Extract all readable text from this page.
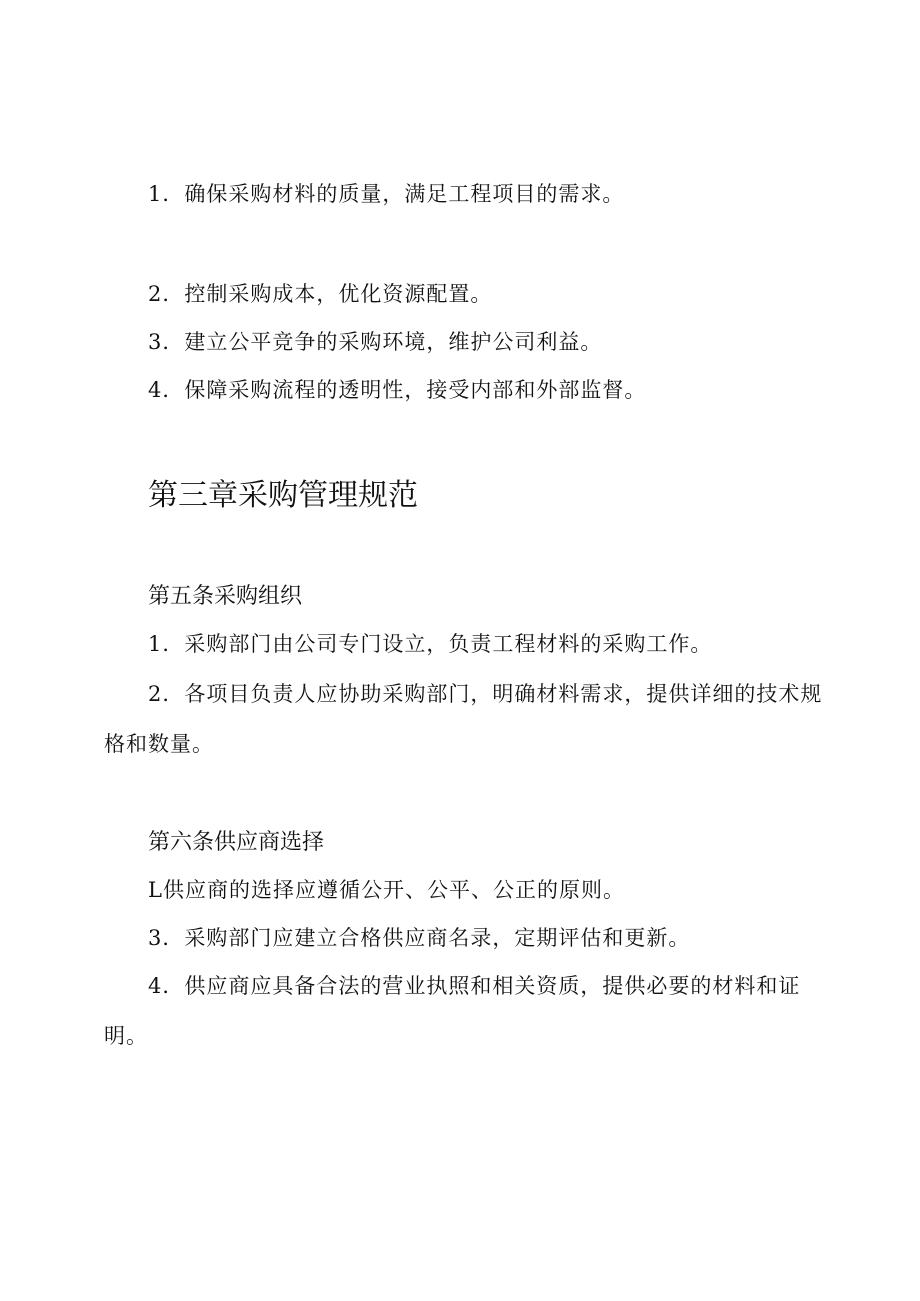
1．确保采购材料的质量，满足工程项目的需求。
2．控制采购成本，优化资源配置。
3．建立公平竞争的采购环境，维护公司利益。
4．保障采购流程的透明性，接受内部和外部监督。
第三章采购管理规范
第五条采购组织
1．采购部门由公司专门设立，负责工程材料的采购工作。
2．各项目负责人应协助采购部门，明确材料需求，提供详细的技术规
格和数量。
第六条供应商选择
L供应商的选择应遵循公开、公平、公正的原则。
3．采购部门应建立合格供应商名录，定期评估和更新。
4．供应商应具备合法的营业执照和相关资质，提供必要的材料和证
明。
